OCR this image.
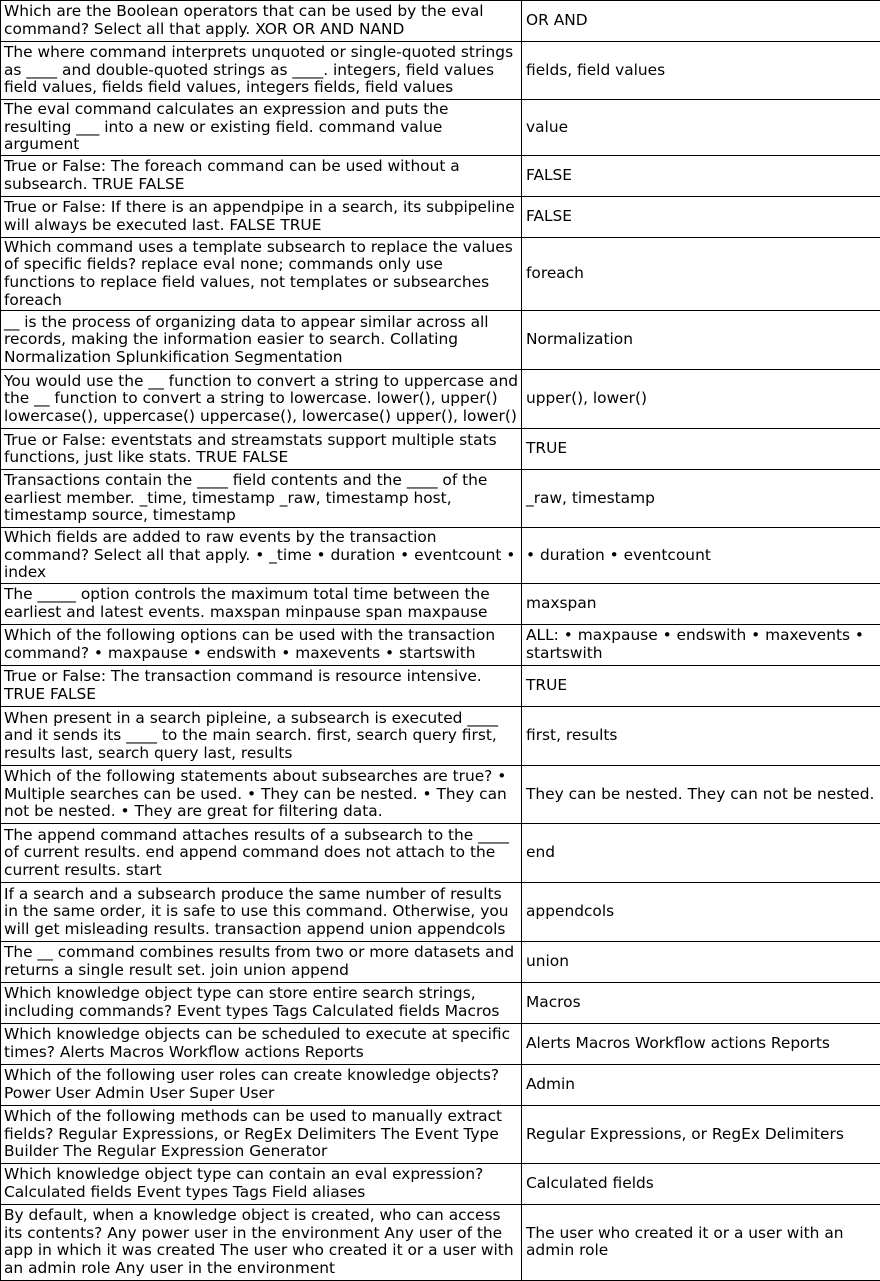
Which are the Boolean operators that can be used by the eval command? Select all that apply. XOR OR AND NAND	OR AND
The where command interprets unquoted or single-quoted strings as ____ and double-quoted strings as ____. integers, field values field values, fields field values, integers fields, field values	fields, field values
The eval command calculates an expression and puts the resulting ___ into a new or existing field. command value argument	value
True or False: The foreach command can be used without a subsearch. TRUE FALSE	FALSE
True or False: If there is an appendpipe in a search, its subpipeline will always be executed last. FALSE TRUE	FALSE
Which command uses a template subsearch to replace the values of specific fields? replace eval none; commands only use functions to replace field values, not templates or subsearches foreach	foreach
__ is the process of organizing data to appear similar across all records, making the information easier to search. Collating Normalization Splunkification Segmentation	Normalization
You would use the __ function to convert a string to uppercase and the __ function to convert a string to lowercase. lower(), upper() lowercase(), uppercase() uppercase(), lowercase() upper(), lower()	upper(), lower()
True or False: eventstats and streamstats support multiple stats functions, just like stats. TRUE FALSE	TRUE
Transactions contain the ____ field contents and the ____ of the earliest member. _time, timestamp _raw, timestamp host, timestamp source, timestamp	_raw, timestamp
Which fields are added to raw events by the transaction command? Select all that apply. • _time • duration • eventcount • index	• duration • eventcount
The _____ option controls the maximum total time between the earliest and latest events. maxspan minpause span maxpause	maxspan
Which of the following options can be used with the transaction command? • maxpause • endswith • maxevents • startswith	ALL: • maxpause • endswith • maxevents • startswith
True or False: The transaction command is resource intensive. TRUE FALSE	TRUE
When present in a search pipleine, a subsearch is executed ____ and it sends its ____ to the main search. first, search query first, results last, search query last, results	first, results
Which of the following statements about subsearches are true? • Multiple searches can be used. • They can be nested. • They can not be nested. • They are great for filtering data.	They can be nested. They can not be nested.
The append command attaches results of a subsearch to the ____ of current results. end append command does not attach to the current results. start	end
If a search and a subsearch produce the same number of results in the same order, it is safe to use this command. Otherwise, you will get misleading results. transaction append union appendcols	appendcols
The __ command combines results from two or more datasets and returns a single result set. join union append	union
Which knowledge object type can store entire search strings, including commands? Event types Tags Calculated fields Macros	Macros
Which knowledge objects can be scheduled to execute at specific times? Alerts Macros Workflow actions Reports	Alerts Macros Workflow actions Reports
Which of the following user roles can create knowledge objects? Power User Admin User Super User	Admin
Which of the following methods can be used to manually extract fields? Regular Expressions, or RegEx Delimiters The Event Type Builder The Regular Expression Generator	Regular Expressions, or RegEx Delimiters
Which knowledge object type can contain an eval expression? Calculated fields Event types Tags Field aliases	Calculated fields
By default, when a knowledge object is created, who can access its contents? Any power user in the environment Any user of the app in which it was created The user who created it or a user with an admin role Any user in the environment	The user who created it or a user with an admin role
